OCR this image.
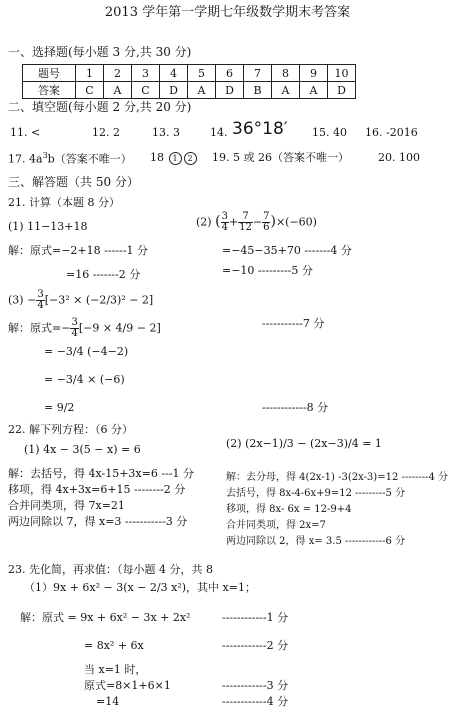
2013 学年第一学期七年级数学期末考答案
一、选择题(每小题 3 分,共 30 分)
题号	1	2	3	4	5	6	7	8	9	10
答案	C	A	C	D	A	D	B	A	A	D
二、填空题(每小题 2 分,共 20 分)
11. <	12. 2	13. 3	14. 36°18′ 15. 40 16. -2016
17. $4a^3b$（答案不唯一） 18 1 2	19. 5 或 26（答案不唯一）	20. 100
三、解答题（共 50 分）
21. 计算（本题 8 分）
(1) 11−13+18	(2) ( $\frac{3}{4} + \frac{7}{12} - \frac{7}{6} )\times(-60)$
解：原式=−2+18 ------1 分
=16 -------2 分
=−45−35+70 -------4 分
=−10 ---------5 分
$(3) - \frac{3}{4} [-3^2 \times (-2/3)^2 - 2]$
解：原式=− $\frac{3}{4} [-9 \times 4/9 - 2]$	-----------7 分
= −3/4 (−4−2)
= −3/4 × (−6)
= 9/2	------------8 分
22. 解下列方程：（6 分）
(1) 4x − 3(5 − x) = 6	(2) (2x−1)/3 − (2x−3)/4 = 1
解：去括号，得 4x-15+3x=6 ---1 分
移项，得 4x+3x=6+15 --------2 分
合并同类项，得 7x=21
两边同除以 7，得 x=3 -----------3 分
解：去分母，得 4(2x-1) -3(2x-3)=12 --------4 分
去括号，得 8x-4-6x+9=12 ---------5 分
移项，得 8x- 6x = 12-9+4
合并同类项，得 2x=7
两边同除以 2，得 x= 3.5 ------------6 分
23. 先化简，再求值：（每小题 4 分，共 8
（1）9x + 6x² − 3(x − 2/3 x²)，其中 x=1；
解：原式 = 9x + 6x² − 3x + 2x²	------------1 分
= 8x² + 6x	------------2 分
当 x=1 时，
原式=8×1+6×1	------------3 分
=14	------------4 分
